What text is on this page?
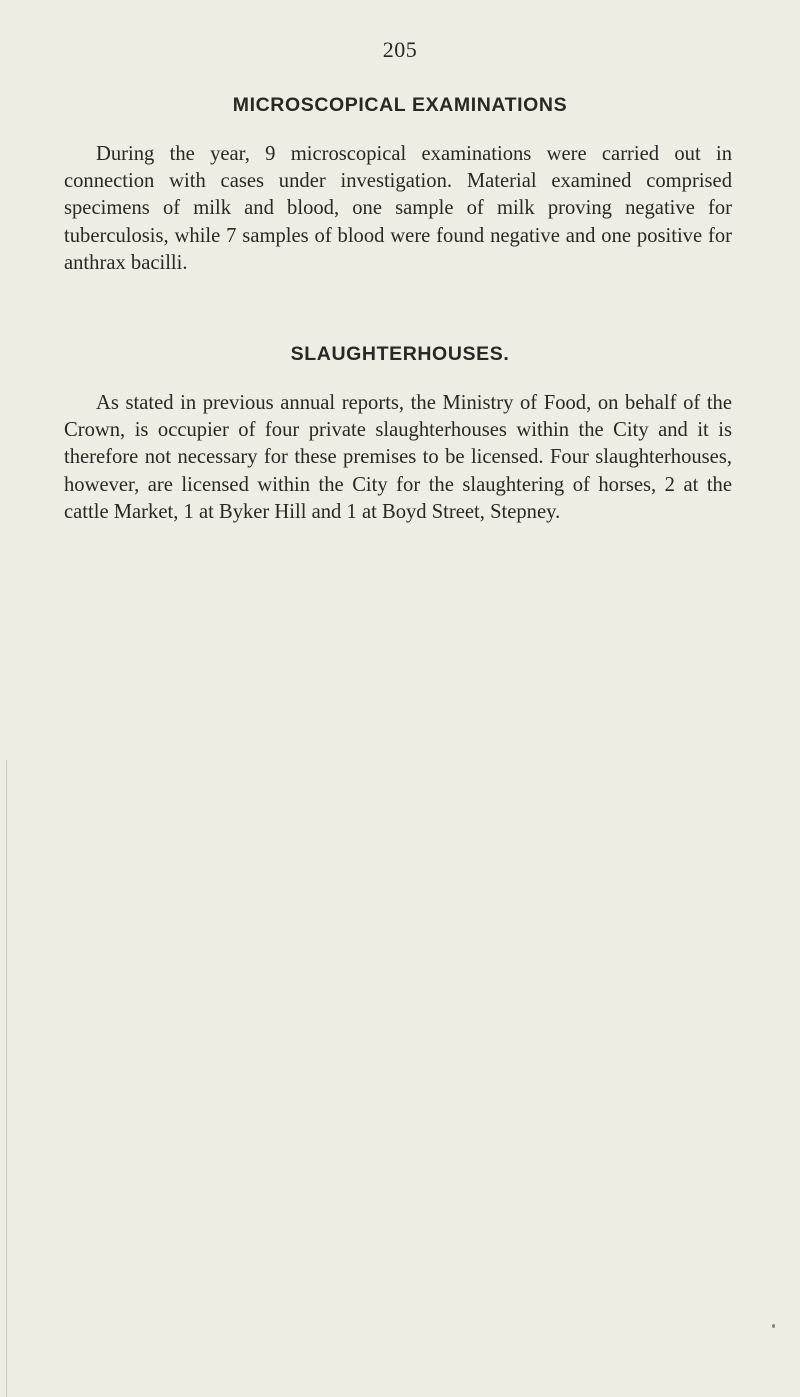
205
MICROSCOPICAL EXAMINATIONS
During the year, 9 microscopical examinations were carried out in connection with cases under investigation. Material examined comprised specimens of milk and blood, one sample of milk proving negative for tuberculosis, while 7 samples of blood were found negative and one positive for anthrax bacilli.
SLAUGHTERHOUSES.
As stated in previous annual reports, the Ministry of Food, on behalf of the Crown, is occupier of four private slaughterhouses within the City and it is therefore not necessary for these premises to be licensed. Four slaughterhouses, however, are licensed within the City for the slaughtering of horses, 2 at the cattle Market, 1 at Byker Hill and 1 at Boyd Street, Stepney.
